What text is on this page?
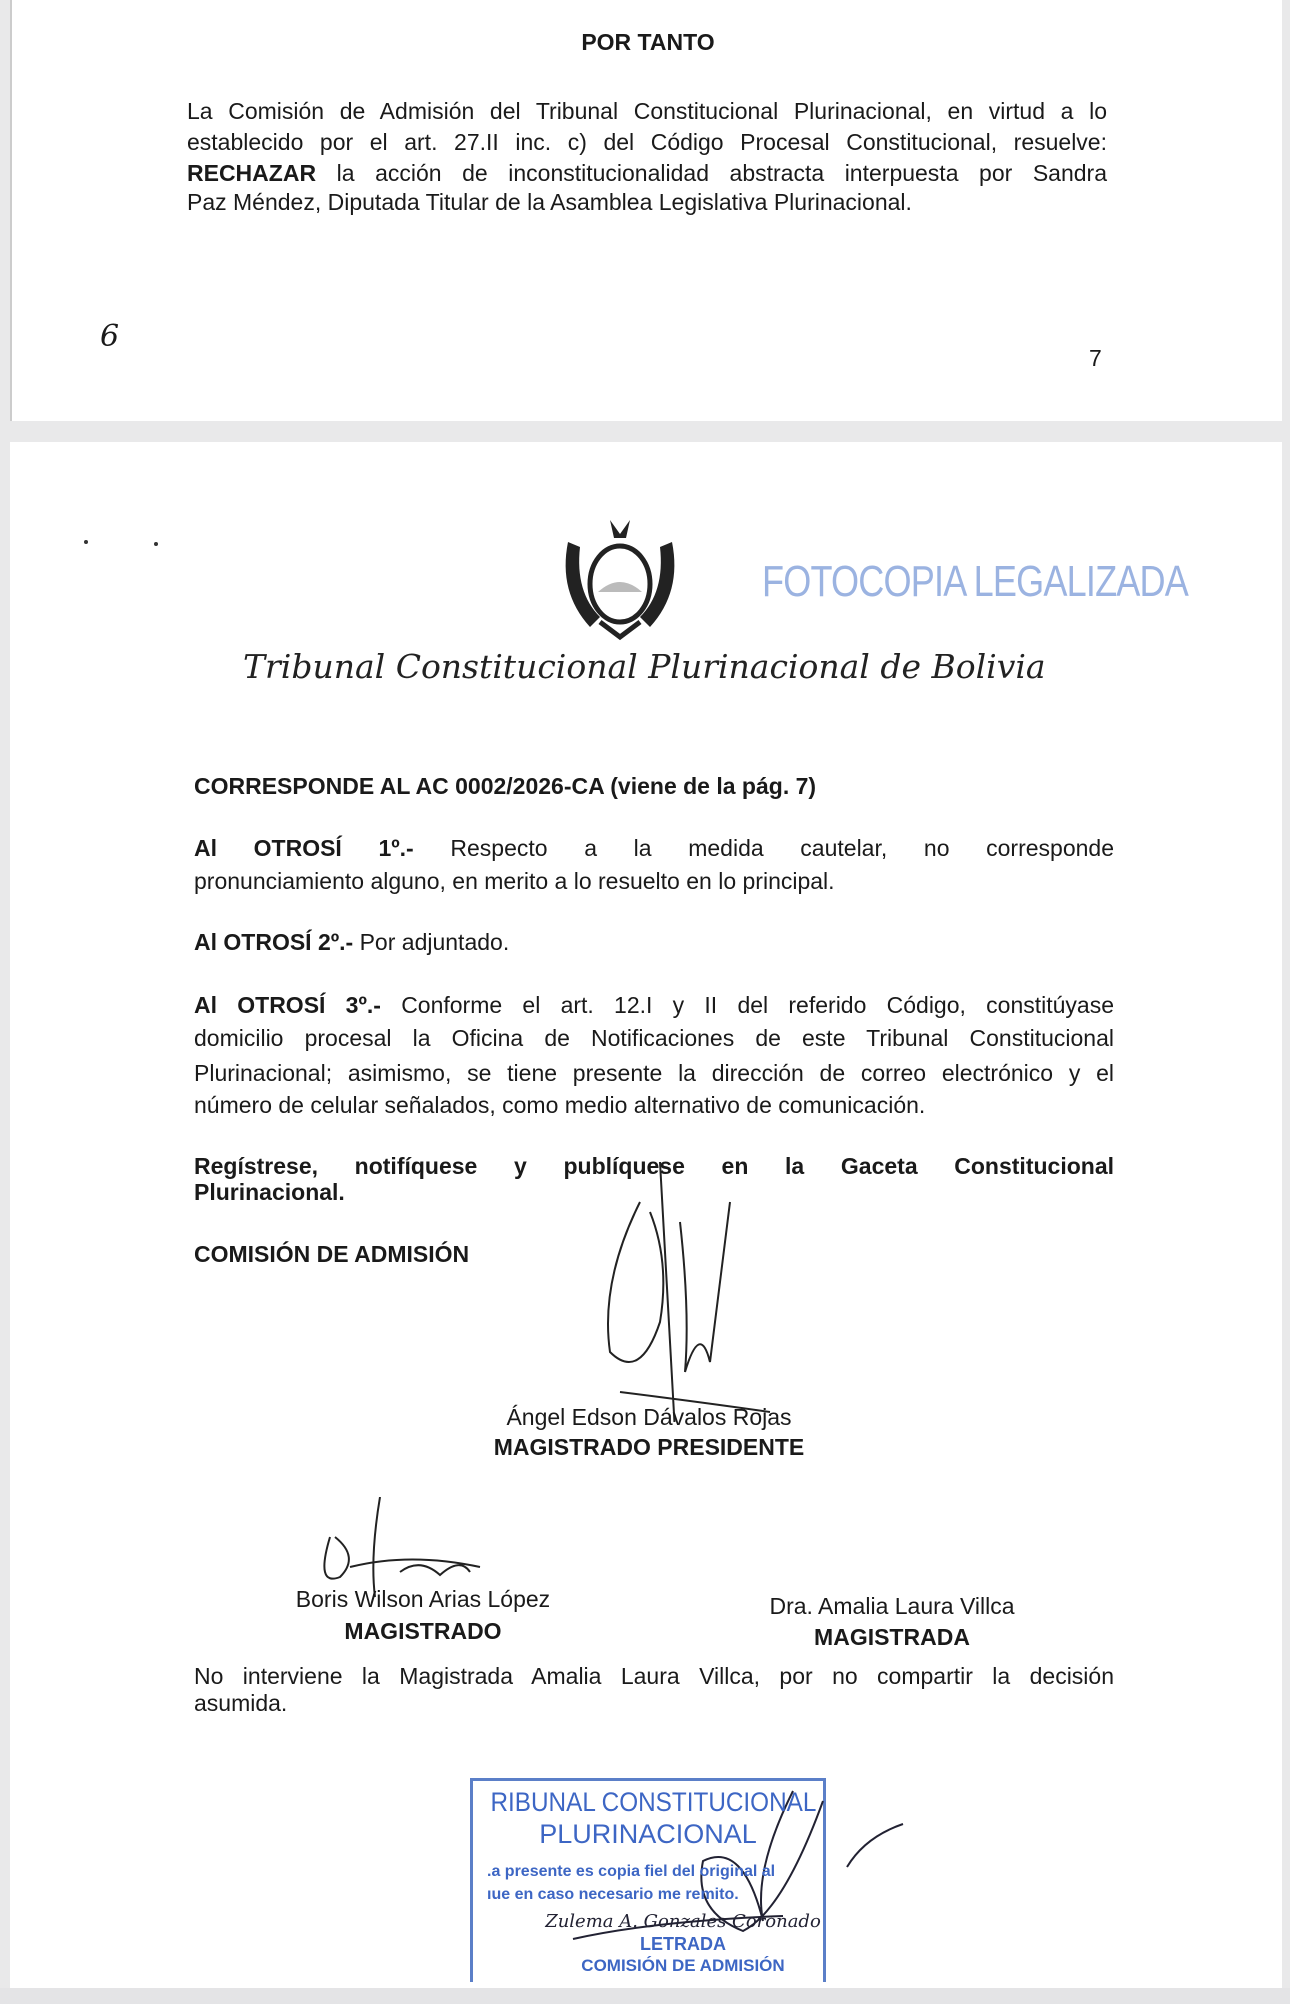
POR TANTO
La Comisión de Admisión del Tribunal Constitucional Plurinacional, en virtud a lo
establecido por el art. 27.II inc. c) del Código Procesal Constitucional, resuelve:
RECHAZAR la acción de inconstitucionalidad abstracta interpuesta por Sandra
Paz Méndez, Diputada Titular de la Asamblea Legislativa Plurinacional.
6
7
FOTOCOPIA LEGALIZADA
Tribunal Constitucional Plurinacional de Bolivia
CORRESPONDE AL AC 0002/2026-CA (viene de la pág. 7)
Al OTROSÍ 1º.- Respecto a la medida cautelar, no corresponde
pronunciamiento alguno, en merito a lo resuelto en lo principal.
Al OTROSÍ 2º.- Por adjuntado.
Al OTROSÍ 3º.- Conforme el art. 12.I y II del referido Código, constitúyase
domicilio procesal la Oficina de Notificaciones de este Tribunal Constitucional
Plurinacional; asimismo, se tiene presente la dirección de correo electrónico y el
número de celular señalados, como medio alternativo de comunicación.
Regístrese, notifíquese y publíquese en la Gaceta Constitucional
Plurinacional.
COMISIÓN DE ADMISIÓN
Ángel Edson Dávalos Rojas
MAGISTRADO PRESIDENTE
Boris Wilson Arias López
MAGISTRADO
Dra. Amalia Laura Villca
MAGISTRADA
No interviene la Magistrada Amalia Laura Villca, por no compartir la decisión
asumida.
RIBUNAL CONSTITUCIONAL
PLURINACIONAL
.a presente es copia fiel del original al
ıue en caso necesario me remito.
Zulema A. Gonzales Coronado
LETRADA
COMISIÓN DE ADMISIÓN
